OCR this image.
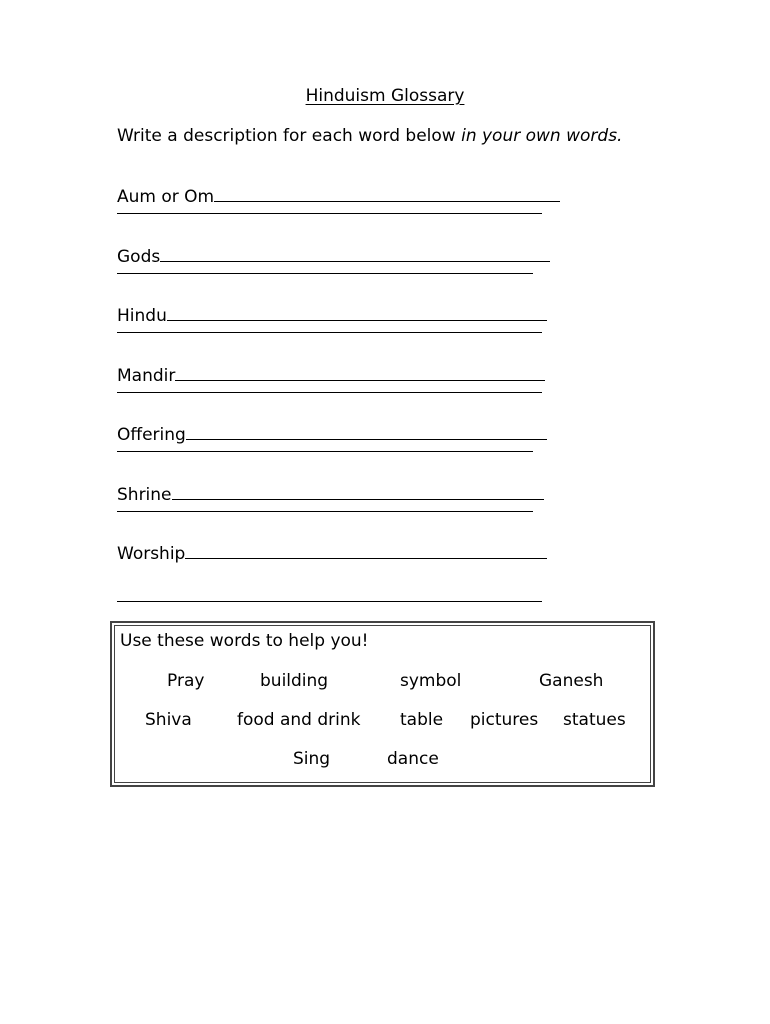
Hinduism Glossary
Write a description for each word below in your own words.
Aum or Om
Gods
Hindu
Mandir
Offering
Shrine
Worship
Use these words to help you!
Pray	building	symbol	Ganesh
Shiva	food and drink table pictures statues
Sing	dance
